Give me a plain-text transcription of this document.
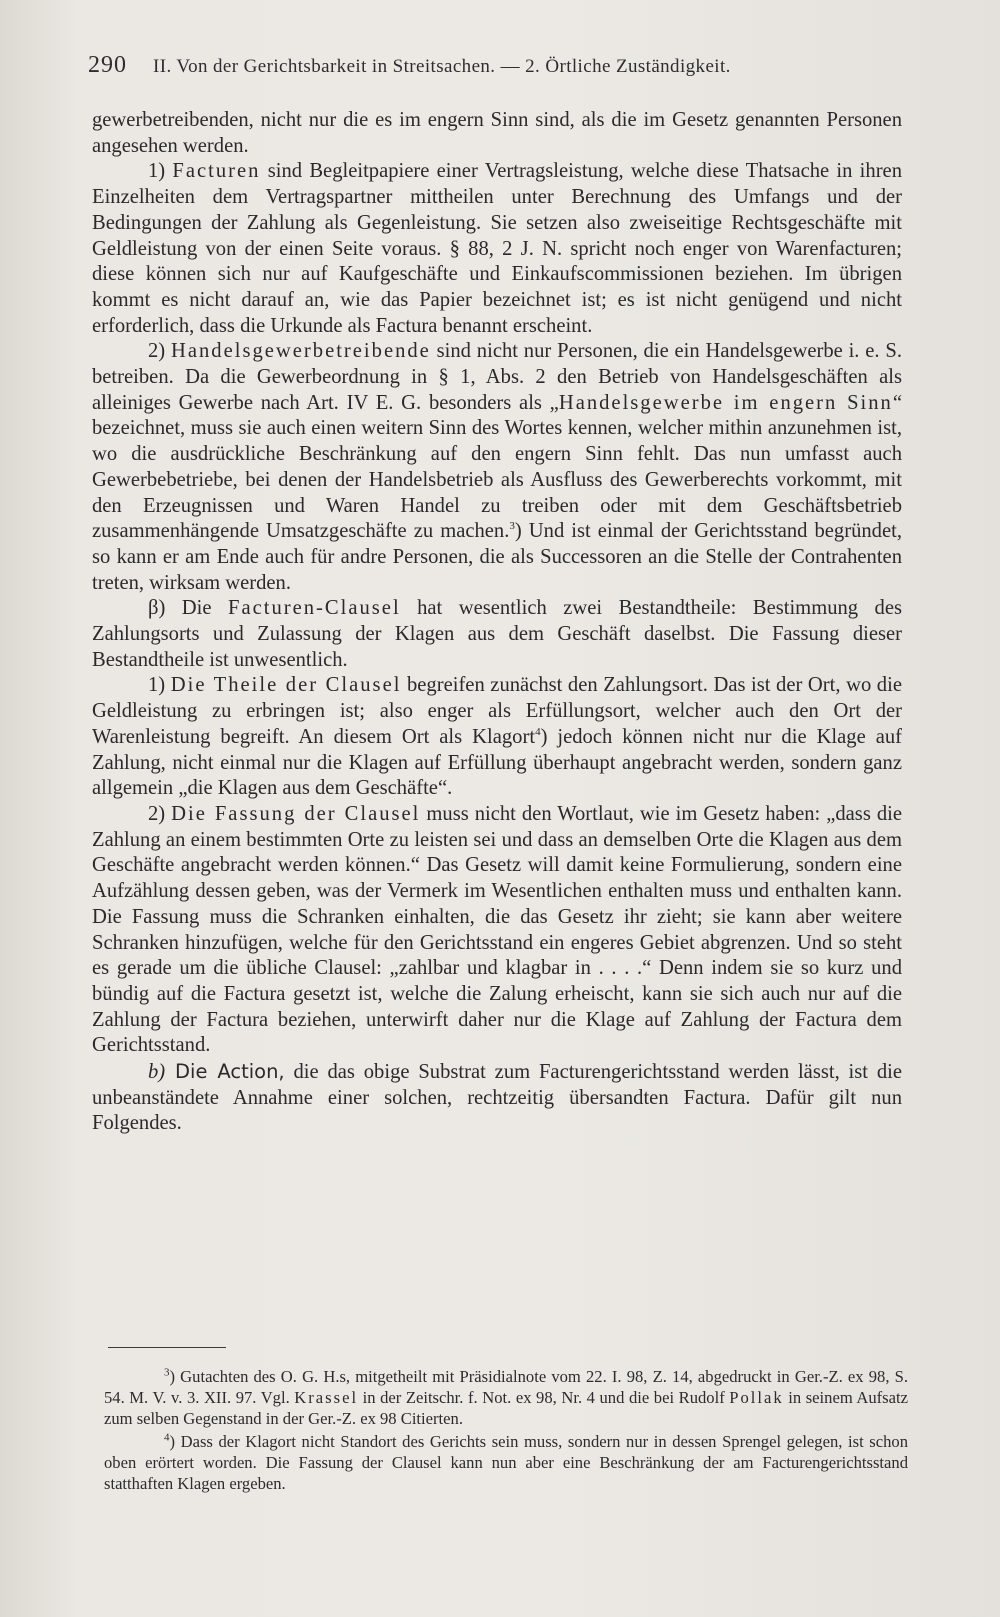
290 II. Von der Gerichtsbarkeit in Streitsachen. — 2. Örtliche Zuständigkeit.

gewerbetreibenden, nicht nur die es im engern Sinn sind, als die im Gesetz genannten Personen angesehen werden.

1) Facturen sind Begleitpapiere einer Vertragsleistung, welche diese Thatsache in ihren Einzelheiten dem Vertragspartner mittheilen unter Berechnung des Umfangs und der Bedingungen der Zahlung als Gegenleistung. Sie setzen also zweiseitige Rechtsgeschäfte mit Geldleistung von der einen Seite voraus. § 88, 2 J. N. spricht noch enger von Warenfacturen; diese können sich nur auf Kaufgeschäfte und Einkaufscommissionen beziehen. Im übrigen kommt es nicht darauf an, wie das Papier bezeichnet ist; es ist nicht genügend und nicht erforderlich, dass die Urkunde als Factura benannt erscheint.

2) Handelsgewerbetreibende sind nicht nur Personen, die ein Handelsgewerbe i. e. S. betreiben. Da die Gewerbeordnung in § 1, Abs. 2 den Betrieb von Handelsgeschäften als alleiniges Gewerbe nach Art. IV E. G. besonders als „Handelsgewerbe im engern Sinn“ bezeichnet, muss sie auch einen weitern Sinn des Wortes kennen, welcher mithin anzunehmen ist, wo die ausdrückliche Beschränkung auf den engern Sinn fehlt. Das nun umfasst auch Gewerbebetriebe, bei denen der Handelsbetrieb als Ausfluss des Gewerberechts vorkommt, mit den Erzeugnissen und Waren Handel zu treiben oder mit dem Geschäftsbetrieb zusammenhängende Umsatzgeschäfte zu machen.$^3$) Und ist einmal der Gerichtsstand begründet, so kann er am Ende auch für andre Personen, die als Successoren an die Stelle der Contrahenten treten, wirksam werden.

β) Die Facturen-Clausel hat wesentlich zwei Bestandtheile: Bestimmung des Zahlungsorts und Zulassung der Klagen aus dem Geschäft daselbst. Die Fassung dieser Bestandtheile ist unwesentlich.

1) Die Theile der Clausel begreifen zunächst den Zahlungsort. Das ist der Ort, wo die Geldleistung zu erbringen ist; also enger als Erfüllungsort, welcher auch den Ort der Warenleistung begreift. An diesem Ort als Klagort$^4$) jedoch können nicht nur die Klage auf Zahlung, nicht einmal nur die Klagen auf Erfüllung überhaupt angebracht werden, sondern ganz allgemein „die Klagen aus dem Geschäfte“.

2) Die Fassung der Clausel muss nicht den Wortlaut, wie im Gesetz haben: „dass die Zahlung an einem bestimmten Orte zu leisten sei und dass an demselben Orte die Klagen aus dem Geschäfte angebracht werden können.“ Das Gesetz will damit keine Formulierung, sondern eine Aufzählung dessen geben, was der Vermerk im Wesentlichen enthalten muss und enthalten kann. Die Fassung muss die Schranken einhalten, die das Gesetz ihr zieht; sie kann aber weitere Schranken hinzufügen, welche für den Gerichtsstand ein engeres Gebiet abgrenzen. Und so steht es gerade um die übliche Clausel: „zahlbar und klagbar in . . . .“ Denn indem sie so kurz und bündig auf die Factura gesetzt ist, welche die Zalung erheischt, kann sie sich auch nur auf die Zahlung der Factura beziehen, unterwirft daher nur die Klage auf Zahlung der Factura dem Gerichtsstand.

b) Die Action, die das obige Substrat zum Facturengerichtsstand werden lässt, ist die unbeanständete Annahme einer solchen, rechtzeitig übersandten Factura. Dafür gilt nun Folgendes.

$^3$) Gutachten des O. G. H.s, mitgetheilt mit Präsidialnote vom 22. I. 98, Z. 14, abgedruckt in Ger.-Z. ex 98, S. 54. M. V. v. 3. XII. 97. Vgl. Krassel in der Zeitschr. f. Not. ex 98, Nr. 4 und die bei Rudolf Pollak in seinem Aufsatz zum selben Gegenstand in der Ger.-Z. ex 98 Citierten.

$^4$) Dass der Klagort nicht Standort des Gerichts sein muss, sondern nur in dessen Sprengel gelegen, ist schon oben erörtert worden. Die Fassung der Clausel kann nun aber eine Beschränkung der am Facturengerichtsstand statthaften Klagen ergeben.
